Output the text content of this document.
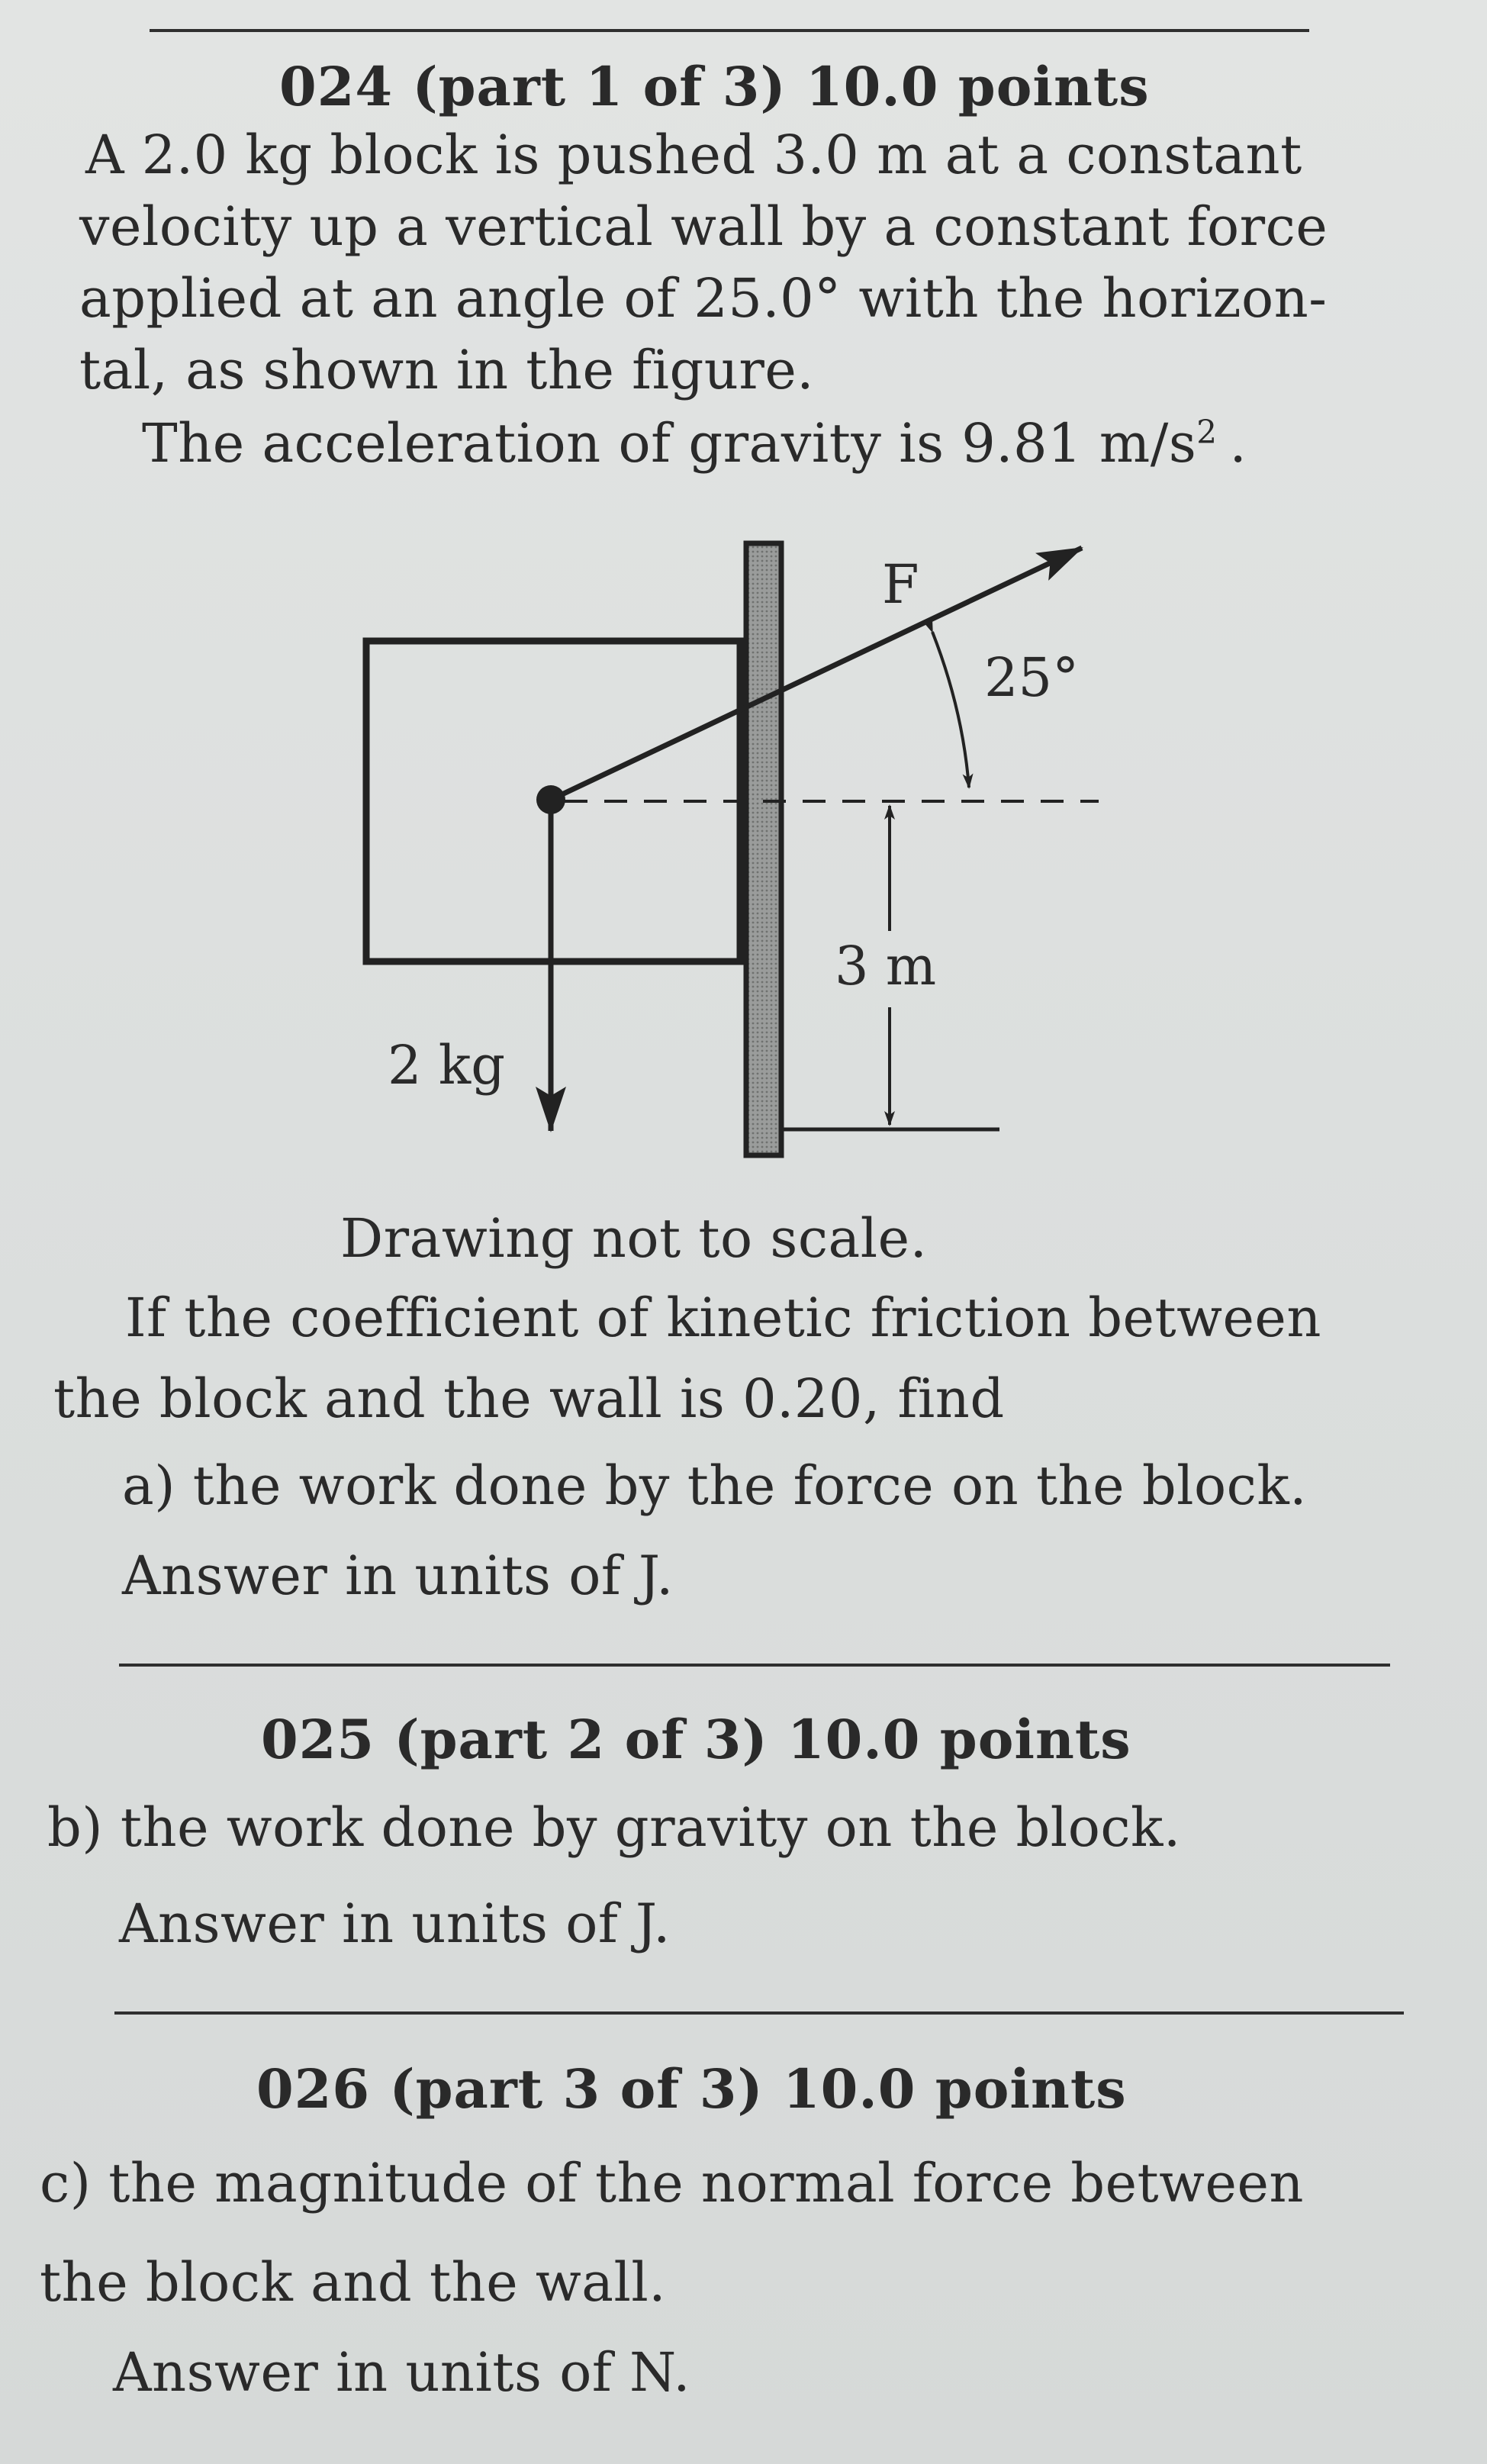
024 (part 1 of 3) 10.0 points
A 2.0 kg block is pushed 3.0 m at a constant
velocity up a vertical wall by a constant force
applied at an angle of 25.0° with the horizon-
tal, as shown in the figure.
The acceleration of gravity is 9.81 $m/s^2$ .
F
25°
3 m
2 kg
Drawing not to scale.
If the coefficient of kinetic friction between
the block and the wall is 0.20, find
a) the work done by the force on the block.
Answer in units of J.
025 (part 2 of 3) 10.0 points
b) the work done by gravity on the block.
Answer in units of J.
026 (part 3 of 3) 10.0 points
c) the magnitude of the normal force between
the block and the wall.
Answer in units of N.
